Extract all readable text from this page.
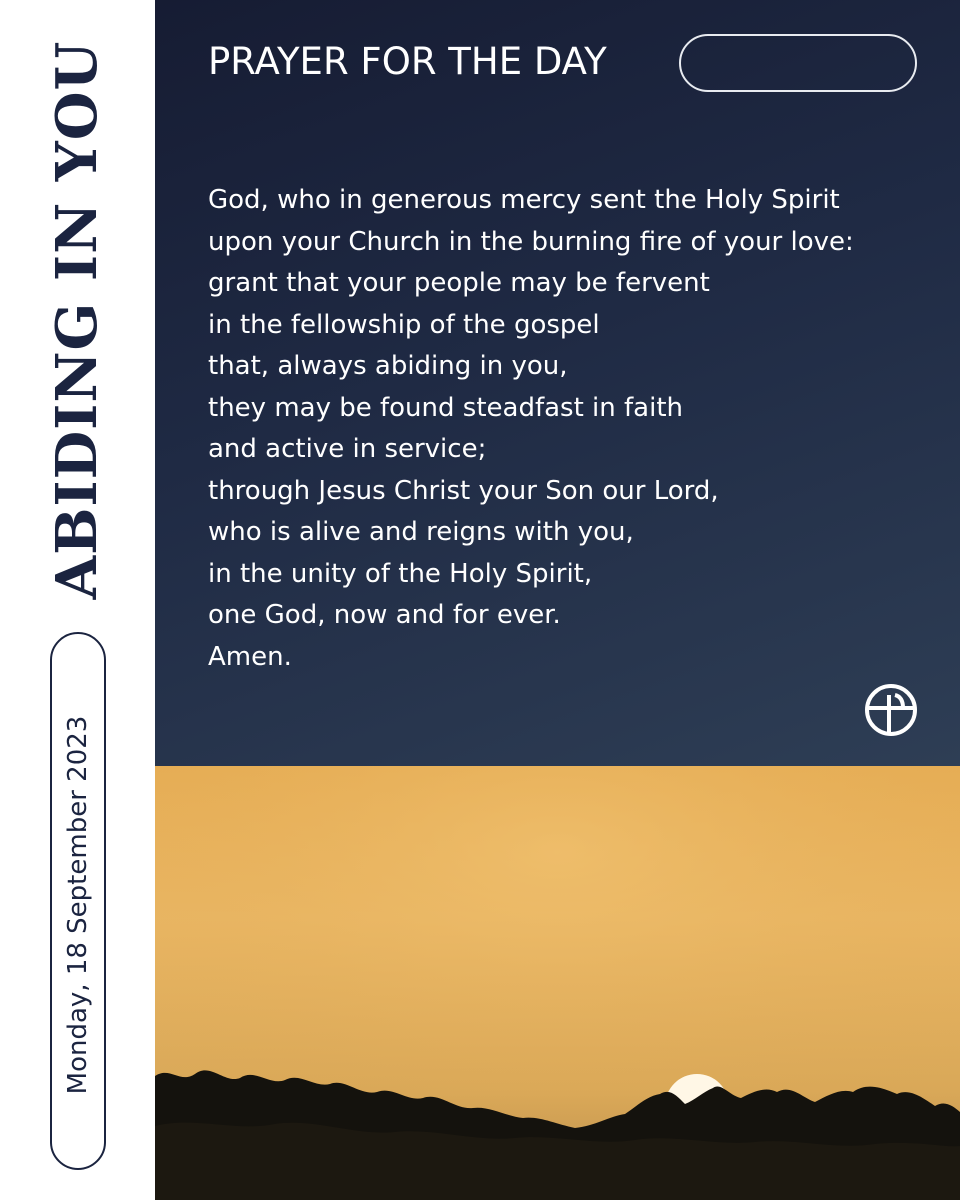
ABIDING IN YOU
Monday, 18 September 2023
PRAYER FOR THE DAY
God, who in generous mercy sent the Holy Spirit
upon your Church in the burning fire of your love:
grant that your people may be fervent
in the fellowship of the gospel
that, always abiding in you,
they may be found steadfast in faith
and active in service;
through Jesus Christ your Son our Lord,
who is alive and reigns with you,
in the unity of the Holy Spirit,
one God, now and for ever.
Amen.
